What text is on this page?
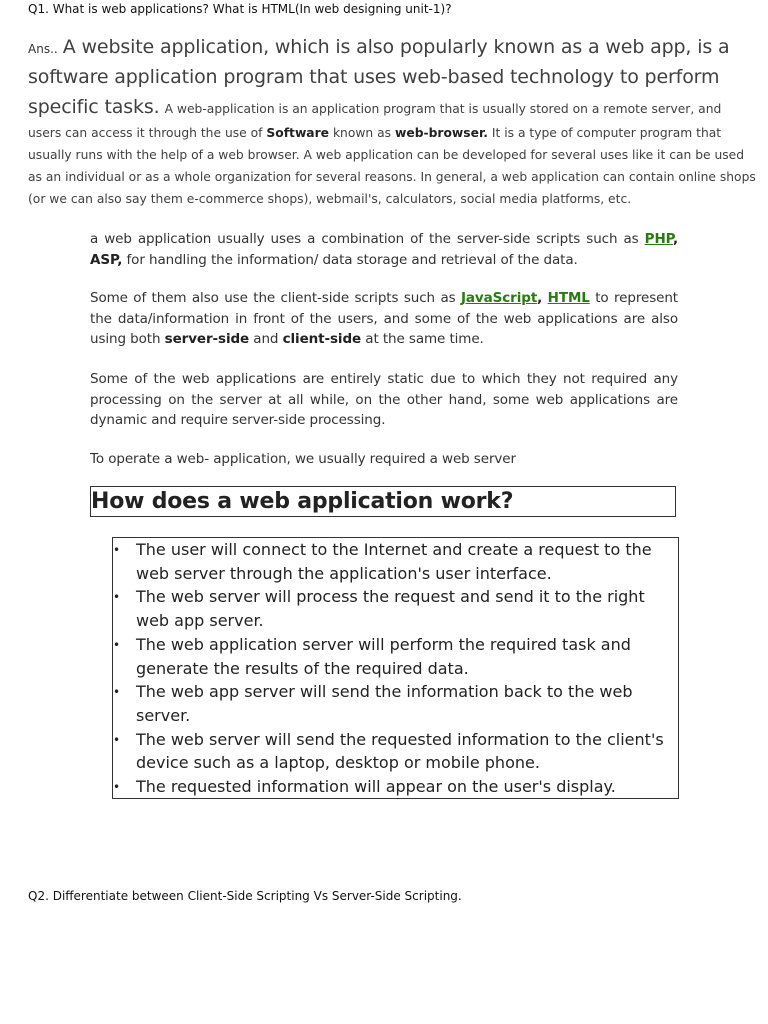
Q1. What is web applications? What is HTML(In web designing unit-1)?
Ans.. A website application, which is also popularly known as a web app, is a software application program that uses web-based technology to perform specific tasks. A web-application is an application program that is usually stored on a remote server, and users can access it through the use of Software known as web-browser. It is a type of computer program that usually runs with the help of a web browser. A web application can be developed for several uses like it can be used as an individual or as a whole organization for several reasons. In general, a web application can contain online shops (or we can also say them e-commerce shops), webmail's, calculators, social media platforms, etc.
a web application usually uses a combination of the server-side scripts such as PHP, ASP, for handling the information/ data storage and retrieval of the data.
Some of them also use the client-side scripts such as JavaScript, HTML to represent the data/information in front of the users, and some of the web applications are also using both server-side and client-side at the same time.
Some of the web applications are entirely static due to which they not required any processing on the server at all while, on the other hand, some web applications are dynamic and require server-side processing.
To operate a web- application, we usually required a web server
How does a web application work?
• The user will connect to the Internet and create a request to the web server through the application's user interface.
• The web server will process the request and send it to the right web app server.
• The web application server will perform the required task and generate the results of the required data.
• The web app server will send the information back to the web server.
• The web server will send the requested information to the client's device such as a laptop, desktop or mobile phone.
• The requested information will appear on the user's display.
Q2. Differentiate between Client-Side Scripting Vs Server-Side Scripting.
